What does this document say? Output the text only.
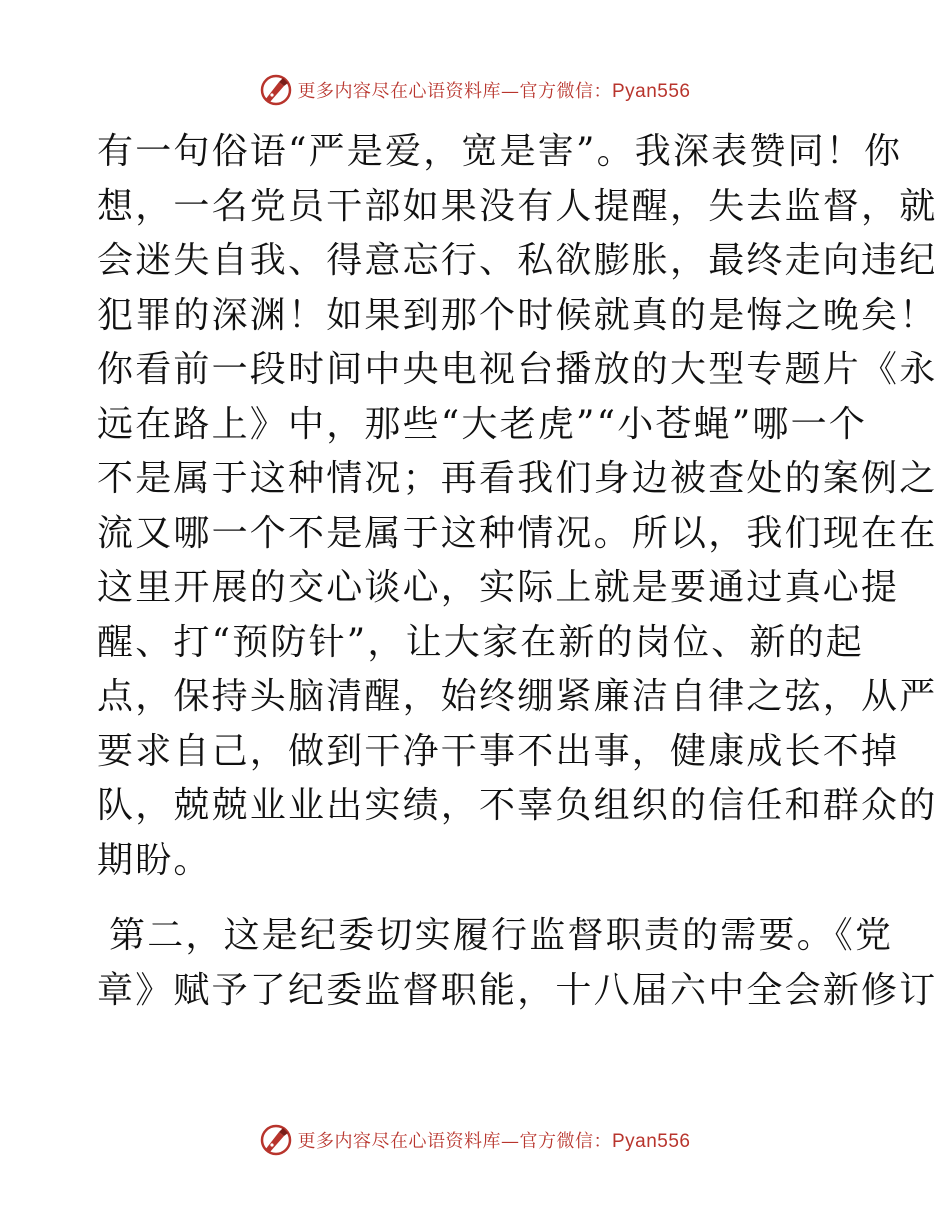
更多内容尽在心语资料库—官方微信：Pyan556
有一句俗语“严是爱，宽是害”。我深表赞同！你
想，一名党员干部如果没有人提醒，失去监督，就
会迷失自我、得意忘行、私欲膨胀，最终走向违纪
犯罪的深渊！如果到那个时候就真的是悔之晚矣！
你看前一段时间中央电视台播放的大型专题片《永
远在路上》中，那些“大老虎”“小苍蝇”哪一个
不是属于这种情况；再看我们身边被查处的案例之
流又哪一个不是属于这种情况。所以，我们现在在
这里开展的交心谈心，实际上就是要通过真心提
醒、打“预防针”，让大家在新的岗位、新的起
点，保持头脑清醒，始终绷紧廉洁自律之弦，从严
要求自己，做到干净干事不出事，健康成长不掉
队，兢兢业业出实绩，不辜负组织的信任和群众的
期盼。
第二，这是纪委切实履行监督职责的需要。《党
章》赋予了纪委监督职能，十八届六中全会新修订
更多内容尽在心语资料库—官方微信：Pyan556
